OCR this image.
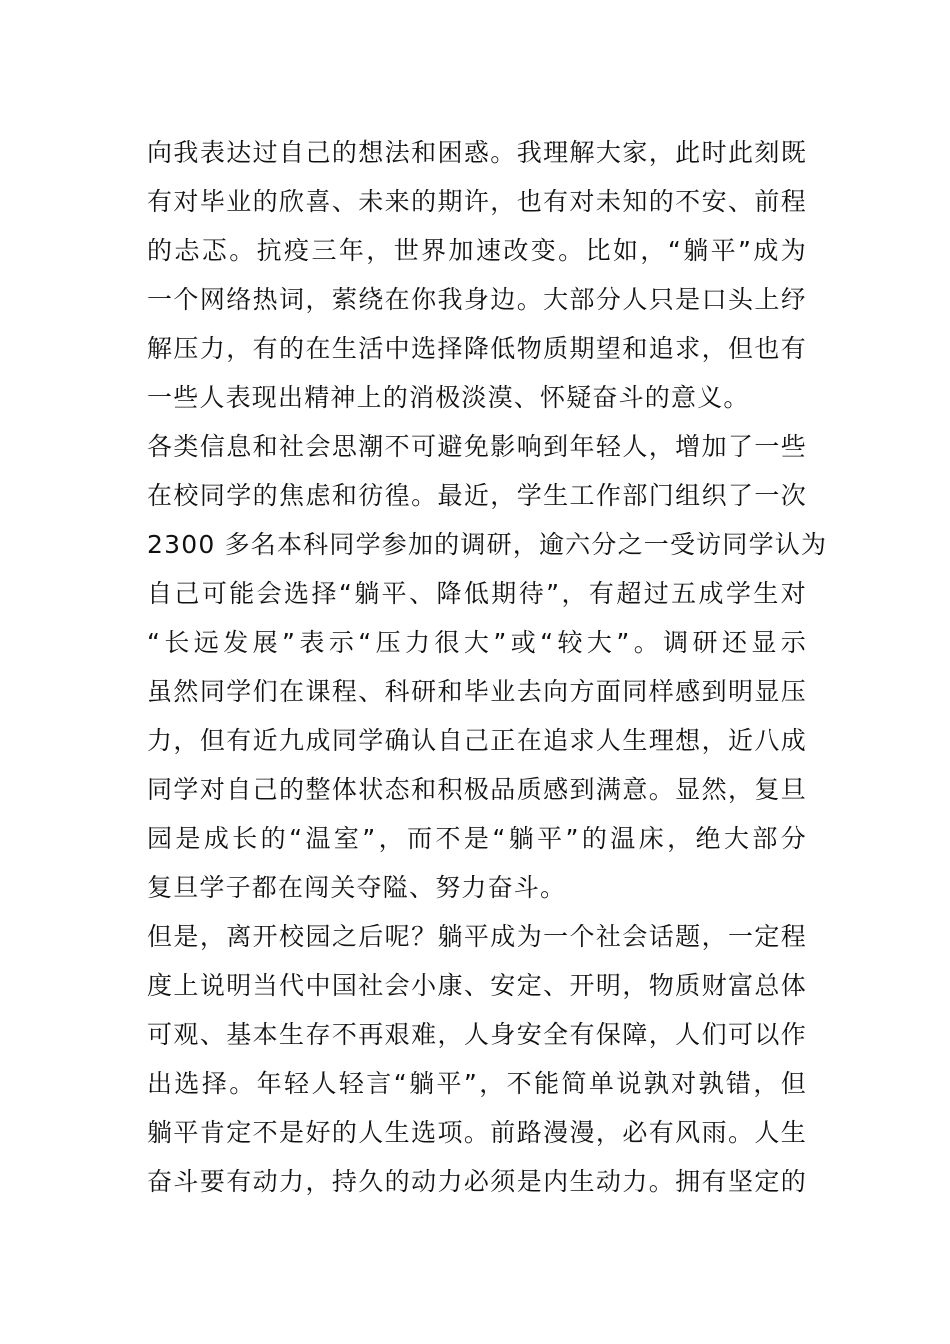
向我表达过自己的想法和困惑。我理解大家，此时此刻既
有对毕业的欣喜、未来的期许，也有对未知的不安、前程
的忐忑。抗疫三年，世界加速改变。比如，“躺平”成为
一个网络热词，萦绕在你我身边。大部分人只是口头上纾
解压力，有的在生活中选择降低物质期望和追求，但也有
一些人表现出精神上的消极淡漠、怀疑奋斗的意义。
各类信息和社会思潮不可避免影响到年轻人，增加了一些
在校同学的焦虑和彷徨。最近，学生工作部门组织了一次
2300 多名本科同学参加的调研，逾六分之一受访同学认为
自己可能会选择“躺平、降低期待”，有超过五成学生对
“长远发展”表示“压力很大”或“较大”。调研还显示
虽然同学们在课程、科研和毕业去向方面同样感到明显压
力，但有近九成同学确认自己正在追求人生理想，近八成
同学对自己的整体状态和积极品质感到满意。显然，复旦
园是成长的“温室”，而不是“躺平”的温床，绝大部分
复旦学子都在闯关夺隘、努力奋斗。
但是，离开校园之后呢？躺平成为一个社会话题，一定程
度上说明当代中国社会小康、安定、开明，物质财富总体
可观、基本生存不再艰难，人身安全有保障，人们可以作
出选择。年轻人轻言“躺平”，不能简单说孰对孰错，但
躺平肯定不是好的人生选项。前路漫漫，必有风雨。人生
奋斗要有动力，持久的动力必须是内生动力。拥有坚定的
